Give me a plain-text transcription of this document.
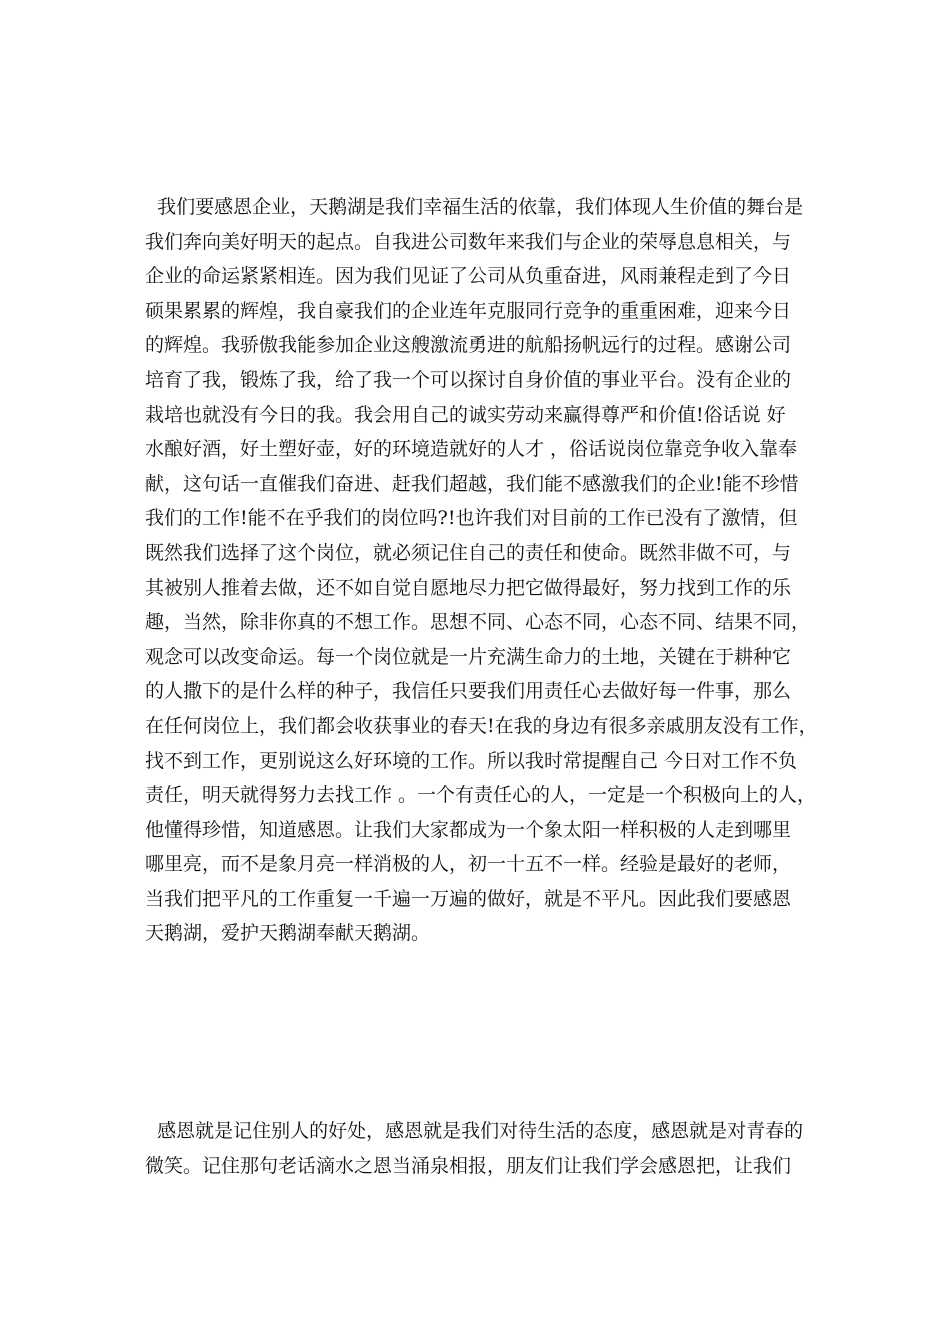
我们要感恩企业，天鹅湖是我们幸福生活的依靠，我们体现人生价值的舞台是
我们奔向美好明天的起点。自我进公司数年来我们与企业的荣辱息息相关，与
企业的命运紧紧相连。因为我们见证了公司从负重奋进，风雨兼程走到了今日
硕果累累的辉煌，我自豪我们的企业连年克服同行竞争的重重困难，迎来今日
的辉煌。我骄傲我能参加企业这艘激流勇进的航船扬帆远行的过程。感谢公司
培育了我，锻炼了我，给了我一个可以探讨自身价值的事业平台。没有企业的
栽培也就没有今日的我。我会用自己的诚实劳动来赢得尊严和价值!俗话说 好
水酿好酒，好土塑好壶，好的环境造就好的人才 ，俗话说岗位靠竞争收入靠奉
献，这句话一直催我们奋进、赶我们超越，我们能不感激我们的企业!能不珍惜
我们的工作!能不在乎我们的岗位吗?!也许我们对目前的工作已没有了激情，但
既然我们选择了这个岗位，就必须记住自己的责任和使命。既然非做不可，与
其被别人推着去做，还不如自觉自愿地尽力把它做得最好，努力找到工作的乐
趣，当然，除非你真的不想工作。思想不同、心态不同，心态不同、结果不同，
观念可以改变命运。每一个岗位就是一片充满生命力的土地，关键在于耕种它
的人撒下的是什么样的种子，我信任只要我们用责任心去做好每一件事，那么
在任何岗位上，我们都会收获事业的春天!在我的身边有很多亲戚朋友没有工作，
找不到工作，更别说这么好环境的工作。所以我时常提醒自己 今日对工作不负
责任，明天就得努力去找工作 。一个有责任心的人，一定是一个积极向上的人，
他懂得珍惜，知道感恩。让我们大家都成为一个象太阳一样积极的人走到哪里
哪里亮，而不是象月亮一样消极的人，初一十五不一样。经验是最好的老师，
当我们把平凡的工作重复一千遍一万遍的做好，就是不平凡。因此我们要感恩
天鹅湖，爱护天鹅湖奉献天鹅湖。
感恩就是记住别人的好处，感恩就是我们对待生活的态度，感恩就是对青春的
微笑。记住那句老话滴水之恩当涌泉相报，朋友们让我们学会感恩把，让我们
